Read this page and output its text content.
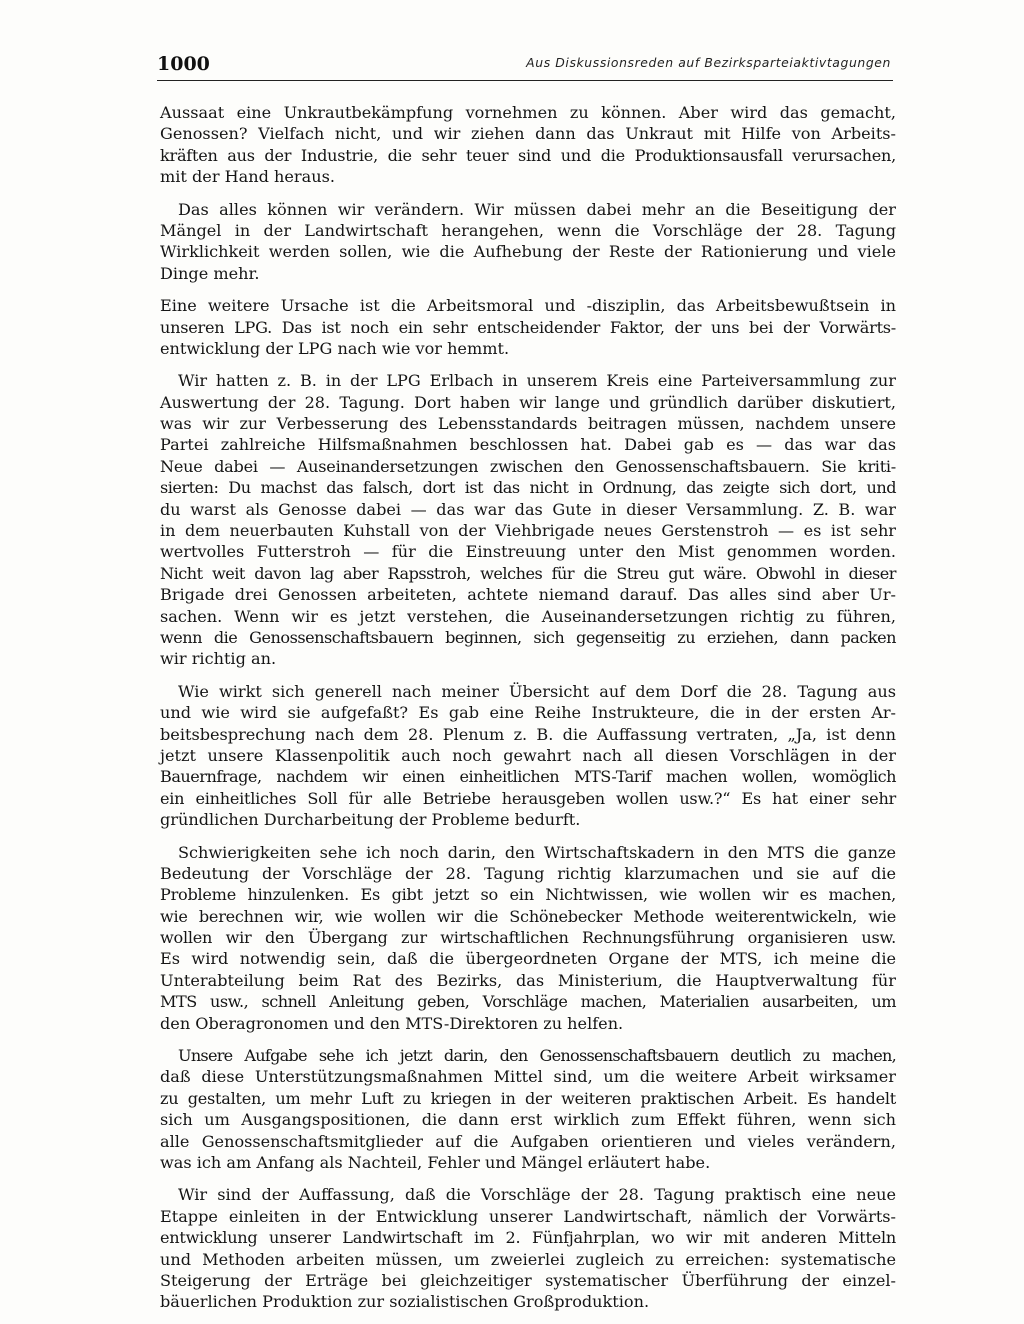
1000	Aus Diskussionsreden auf Bezirksparteiaktivtagungen
Aussaat eine Unkrautbekämpfung vornehmen zu können. Aber wird das gemacht,
Genossen? Vielfach nicht, und wir ziehen dann das Unkraut mit Hilfe von Arbeits-
kräften aus der Industrie, die sehr teuer sind und die Produktionsausfall verursachen,
mit der Hand heraus.
Das alles können wir verändern. Wir müssen dabei mehr an die Beseitigung der
Mängel in der Landwirtschaft herangehen, wenn die Vorschläge der 28. Tagung
Wirklichkeit werden sollen, wie die Aufhebung der Reste der Rationierung und viele
Dinge mehr.
Eine weitere Ursache ist die Arbeitsmoral und -disziplin, das Arbeitsbewußtsein in
unseren LPG. Das ist noch ein sehr entscheidender Faktor, der uns bei der Vorwärts-
entwicklung der LPG nach wie vor hemmt.
Wir hatten z. B. in der LPG Erlbach in unserem Kreis eine Parteiversammlung zur
Auswertung der 28. Tagung. Dort haben wir lange und gründlich darüber diskutiert,
was wir zur Verbesserung des Lebensstandards beitragen müssen, nachdem unsere
Partei zahlreiche Hilfsmaßnahmen beschlossen hat. Dabei gab es — das war das
Neue dabei — Auseinandersetzungen zwischen den Genossenschaftsbauern. Sie kriti-
sierten: Du machst das falsch, dort ist das nicht in Ordnung, das zeigte sich dort, und
du warst als Genosse dabei — das war das Gute in dieser Versammlung. Z. B. war
in dem neuerbauten Kuhstall von der Viehbrigade neues Gerstenstroh — es ist sehr
wertvolles Futterstroh — für die Einstreuung unter den Mist genommen worden.
Nicht weit davon lag aber Rapsstroh, welches für die Streu gut wäre. Obwohl in dieser
Brigade drei Genossen arbeiteten, achtete niemand darauf. Das alles sind aber Ur-
sachen. Wenn wir es jetzt verstehen, die Auseinandersetzungen richtig zu führen,
wenn die Genossenschaftsbauern beginnen, sich gegenseitig zu erziehen, dann packen
wir richtig an.
Wie wirkt sich generell nach meiner Übersicht auf dem Dorf die 28. Tagung aus
und wie wird sie aufgefaßt? Es gab eine Reihe Instrukteure, die in der ersten Ar-
beitsbesprechung nach dem 28. Plenum z. B. die Auffassung vertraten, „Ja, ist denn
jetzt unsere Klassenpolitik auch noch gewahrt nach all diesen Vorschlägen in der
Bauernfrage, nachdem wir einen einheitlichen MTS-Tarif machen wollen, womöglich
ein einheitliches Soll für alle Betriebe herausgeben wollen usw.?“ Es hat einer sehr
gründlichen Durcharbeitung der Probleme bedurft.
Schwierigkeiten sehe ich noch darin, den Wirtschaftskadern in den MTS die ganze
Bedeutung der Vorschläge der 28. Tagung richtig klarzumachen und sie auf die
Probleme hinzulenken. Es gibt jetzt so ein Nichtwissen, wie wollen wir es machen,
wie berechnen wir, wie wollen wir die Schönebecker Methode weiterentwickeln, wie
wollen wir den Übergang zur wirtschaftlichen Rechnungsführung organisieren usw.
Es wird notwendig sein, daß die übergeordneten Organe der MTS, ich meine die
Unterabteilung beim Rat des Bezirks, das Ministerium, die Hauptverwaltung für
MTS usw., schnell Anleitung geben, Vorschläge machen, Materialien ausarbeiten, um
den Oberagronomen und den MTS-Direktoren zu helfen.
Unsere Aufgabe sehe ich jetzt darin, den Genossenschaftsbauern deutlich zu machen,
daß diese Unterstützungsmaßnahmen Mittel sind, um die weitere Arbeit wirksamer
zu gestalten, um mehr Luft zu kriegen in der weiteren praktischen Arbeit. Es handelt
sich um Ausgangspositionen, die dann erst wirklich zum Effekt führen, wenn sich
alle Genossenschaftsmitglieder auf die Aufgaben orientieren und vieles verändern,
was ich am Anfang als Nachteil, Fehler und Mängel erläutert habe.
Wir sind der Auffassung, daß die Vorschläge der 28. Tagung praktisch eine neue
Etappe einleiten in der Entwicklung unserer Landwirtschaft, nämlich der Vorwärts-
entwicklung unserer Landwirtschaft im 2. Fünfjahrplan, wo wir mit anderen Mitteln
und Methoden arbeiten müssen, um zweierlei zugleich zu erreichen: systematische
Steigerung der Erträge bei gleichzeitiger systematischer Überführung der einzel-
bäuerlichen Produktion zur sozialistischen Großproduktion.
